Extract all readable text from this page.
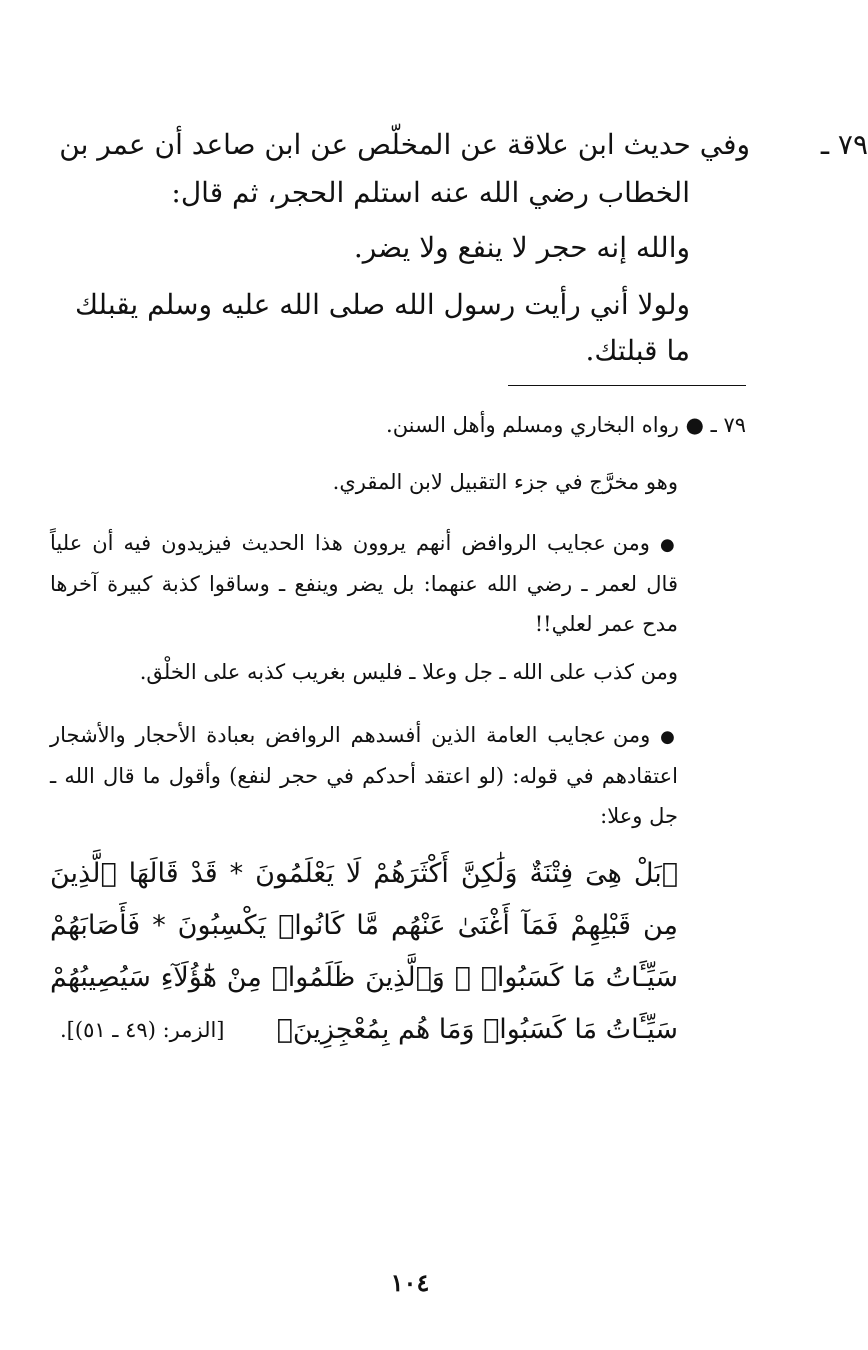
٧٩ ـ
وفي حديث ابن علاقة عن المخلّص عن ابن صاعد أن عمر بن
الخطاب رضي الله عنه استلم الحجر، ثم قال:
والله إنه حجر لا ينفع ولا يضر.
ولولا أني رأيت رسول الله صلى الله عليه وسلم يقبلك ما قبلتك.
٧٩ ـ ● رواه البخاري ومسلم وأهل السنن.
وهو مخرَّج في جزء التقبيل لابن المقري.
● ومن عجايب الروافض أنهم يروون هذا الحديث فيزيدون فيه أن علياً قال لعمر ـ رضي الله عنهما: بل يضر وينفع ـ وساقوا كذبة كبيرة آخرها مدح عمر لعلي!!
ومن كذب على الله ـ جل وعلا ـ فليس بغريب كذبه على الخلْق.
● ومن عجايب العامة الذين أفسدهم الروافض بعبادة الأحجار والأشجار اعتقادهم في قوله: (لو اعتقد أحدكم في حجر لنفع) وأقول ما قال الله ـ جل وعلا:
﴿بَلْ هِىَ فِتْنَةٌ وَلَٰكِنَّ أَكْثَرَهُمْ لَا يَعْلَمُونَ * قَدْ قَالَهَا ٱلَّذِينَ مِن قَبْلِهِمْ فَمَآ أَغْنَىٰ عَنْهُم مَّا كَانُوا۟ يَكْسِبُونَ * فَأَصَابَهُمْ سَيِّـَٔاتُ مَا كَسَبُوا۟ ۚ وَٱلَّذِينَ ظَلَمُوا۟ مِنْ هَٰٓؤُلَآءِ سَيُصِيبُهُمْ سَيِّـَٔاتُ مَا كَسَبُوا۟ وَمَا هُم بِمُعْجِزِينَ﴾
[الزمر: (٤٩ ـ ٥١)].
١٠٤
